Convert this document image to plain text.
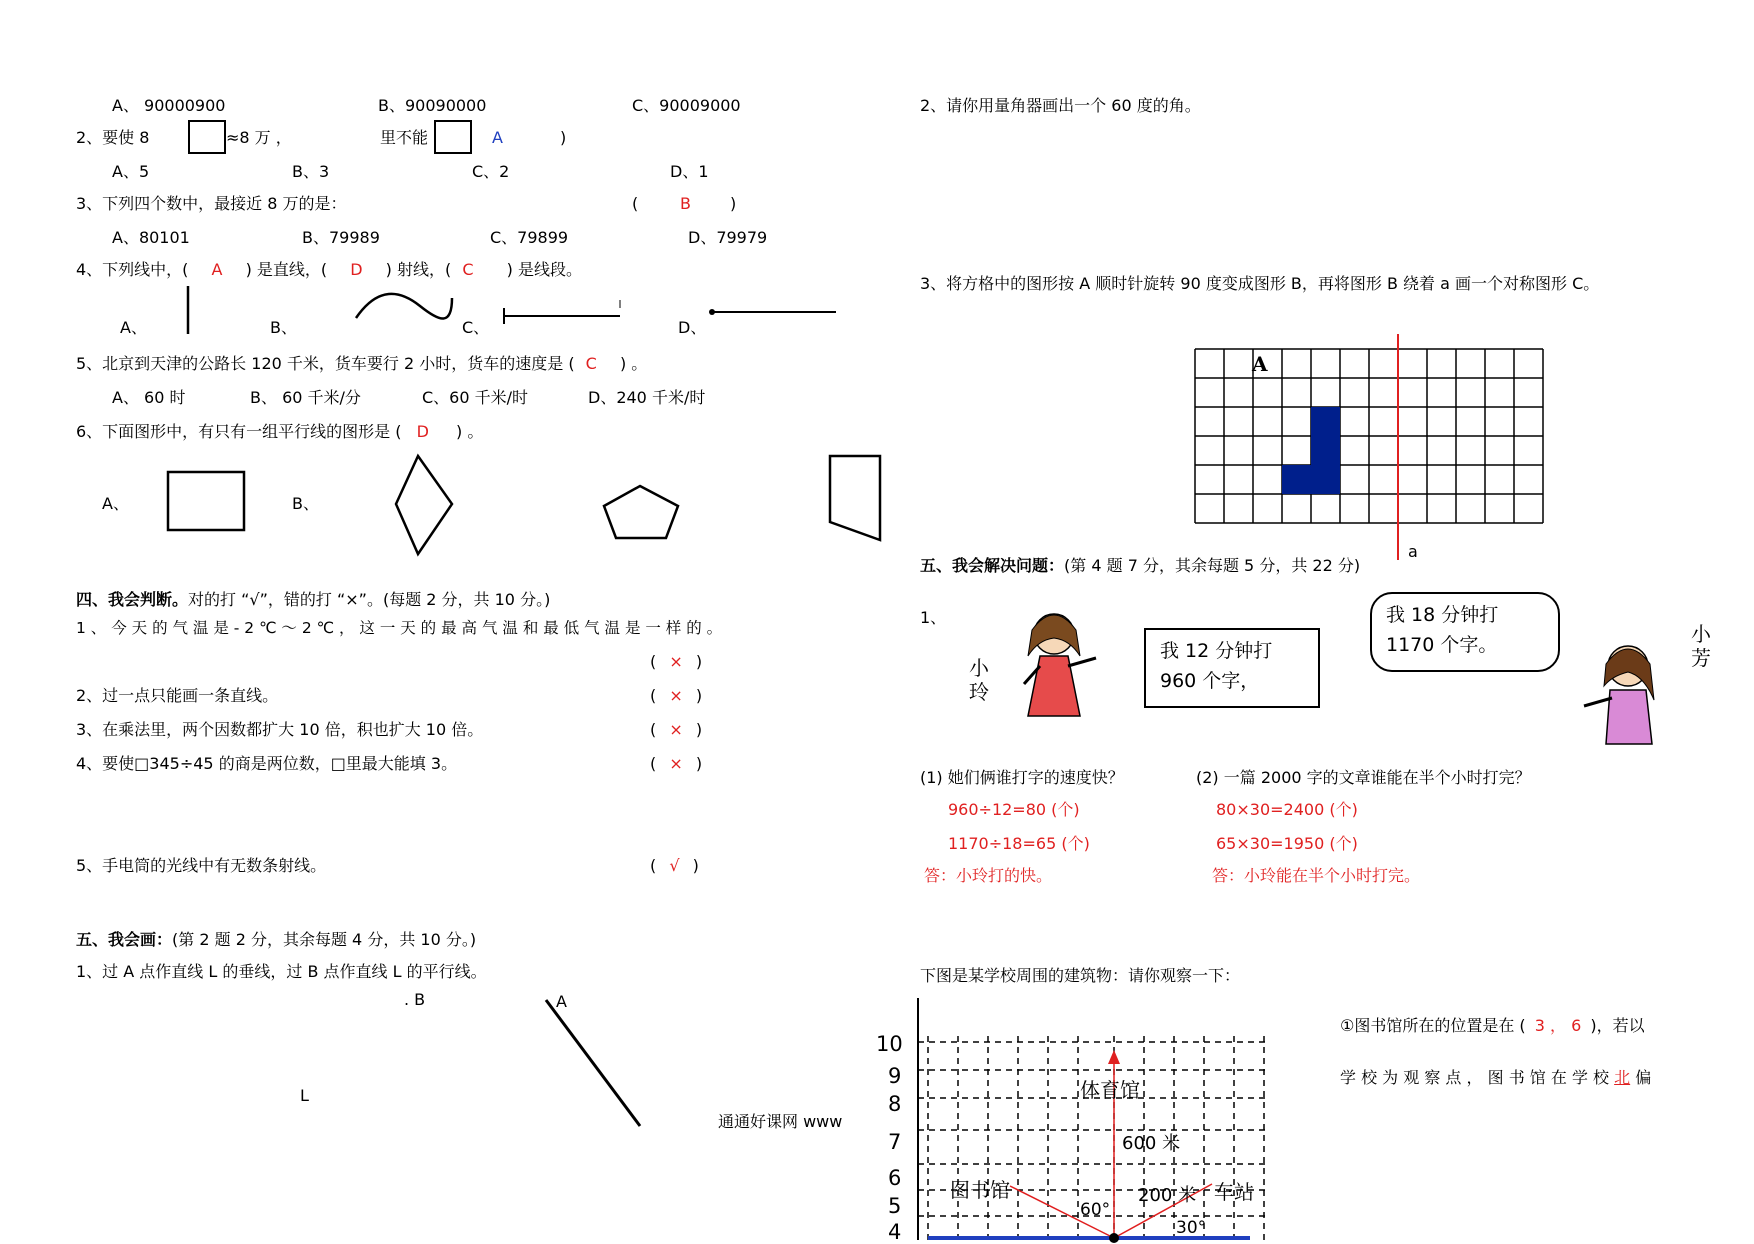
A、 90000900	B、90090000	C、90009000
2、要使 8	≈8 万 ，	里不能	A	)
A、5	B、3	C、2	D、1
3、下列四个数中，最接近 8 万的是：	(	B )
A、80101	B、79989	C、79899	D、79979
4、下列线中，( A ) 是直线，( D ) 射线，( C ) 是线段。
A、	B、	C、	D、
5、北京到天津的公路长 120 千米，货车要行 2 小时，货车的速度是 ( C ) 。
A、 60 时	B、 60 千米/分	C、60 千米/时	D、240 千米/时
6、下面图形中，有只有一组平行线的图形是 ( D ) 。
A、	B、
四、我会判断。对的打 “√”，错的打 “×”。(每题 2 分，共 10 分。)
1 、 今 天 的 气 温 是 - 2 ℃ ～ 2 ℃ ， 这 一 天 的 最 高 气 温 和 最 低 气 温 是 一 样 的 。
( × )
2、过一点只能画一条直线。	( × )
3、在乘法里，两个因数都扩大 10 倍，积也扩大 10 倍。	( × )
4、要使□345÷45 的商是两位数，□里最大能填 3。	( × )
5、手电筒的光线中有无数条射线。	( √ )
五、我会画：(第 2 题 2 分，其余每题 4 分，共 10 分。)
1、过 A 点作直线 L 的垂线，过 B 点作直线 L 的平行线。
. B	A
L
通通好课网 www
2、请你用量角器画出一个 60 度的角。
3、将方格中的图形按 A 顺时针旋转 90 度变成图形 B，再将图形 B 绕着 a 画一个对称图形 C。
A
a
五、我会解决问题：(第 4 题 7 分，其余每题 5 分，共 22 分)
1、
小玲
小芳
我 12 分钟打 960 个字，
我 18 分钟打 1170 个字。
(1) 她们俩谁打字的速度快？	(2) 一篇 2000 字的文章谁能在半个小时打完？
960÷12=80 (个)
1170÷18=65 (个)
答：小玲打的快。
80×30=2400 (个)
65×30=1950 (个)
答：小玲能在半个小时打完。
下图是某学校周围的建筑物：请你观察一下：
①图书馆所在的位置是在 ( 3 ， 6 )，若以
学 校 为 观 察 点 ， 图 书 馆 在 学 校 北 偏
10
9
8
7
6
5
4
体育馆
图书馆	车站
600 米
200 米
60°
30°
